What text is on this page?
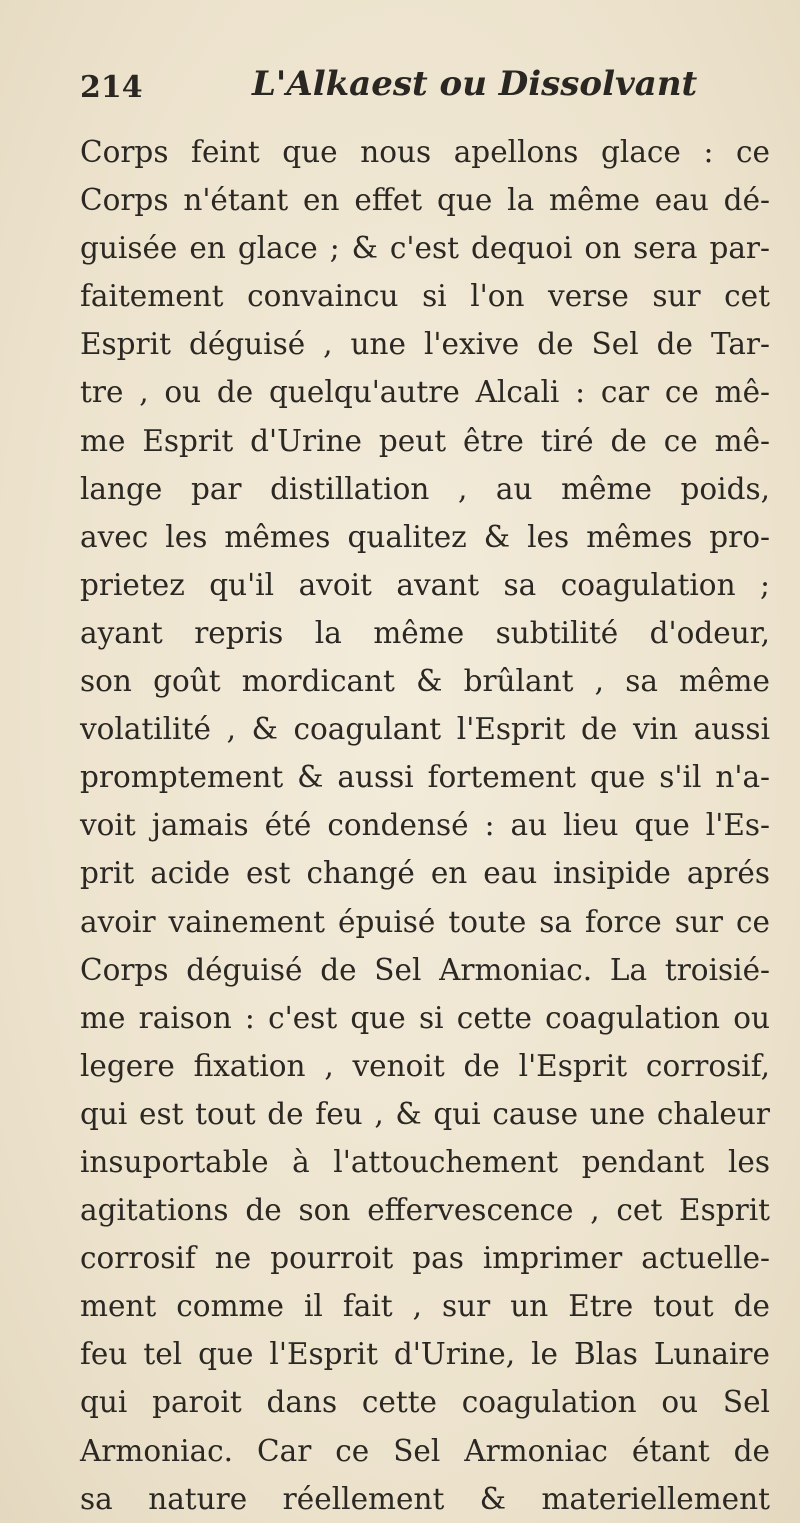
214	L'Alkaest ou Dissolvant
Corps feint que nous apellons glace : ce
Corps n'étant en effet que la même eau dé-
guisée en glace ; & c'est dequoi on sera par-
faitement convaincu si l'on verse sur cet
Esprit déguisé , une l'exive de Sel de Tar-
tre , ou de quelqu'autre Alcali : car ce mê-
me Esprit d'Urine peut être tiré de ce mê-
lange par distillation , au même poids,
avec les mêmes qualitez & les mêmes pro-
prietez qu'il avoit avant sa coagulation ;
ayant repris la même subtilité d'odeur,
son goût mordicant & brûlant , sa même
volatilité , & coagulant l'Esprit de vin aussi
promptement & aussi fortement que s'il n'a-
voit jamais été condensé : au lieu que l'Es-
prit acide est changé en eau insipide aprés
avoir vainement épuisé toute sa force sur ce
Corps déguisé de Sel Armoniac. La troisié-
me raison : c'est que si cette coagulation ou
legere fixation , venoit de l'Esprit corrosif,
qui est tout de feu , & qui cause une chaleur
insuportable à l'attouchement pendant les
agitations de son effervescence , cet Esprit
corrosif ne pourroit pas imprimer actuelle-
ment comme il fait , sur un Etre tout de
feu tel que l'Esprit d'Urine, le Blas Lunaire
qui paroit dans cette coagulation ou Sel
Armoniac. Car ce Sel Armoniac étant de
sa nature réellement & materiellement
